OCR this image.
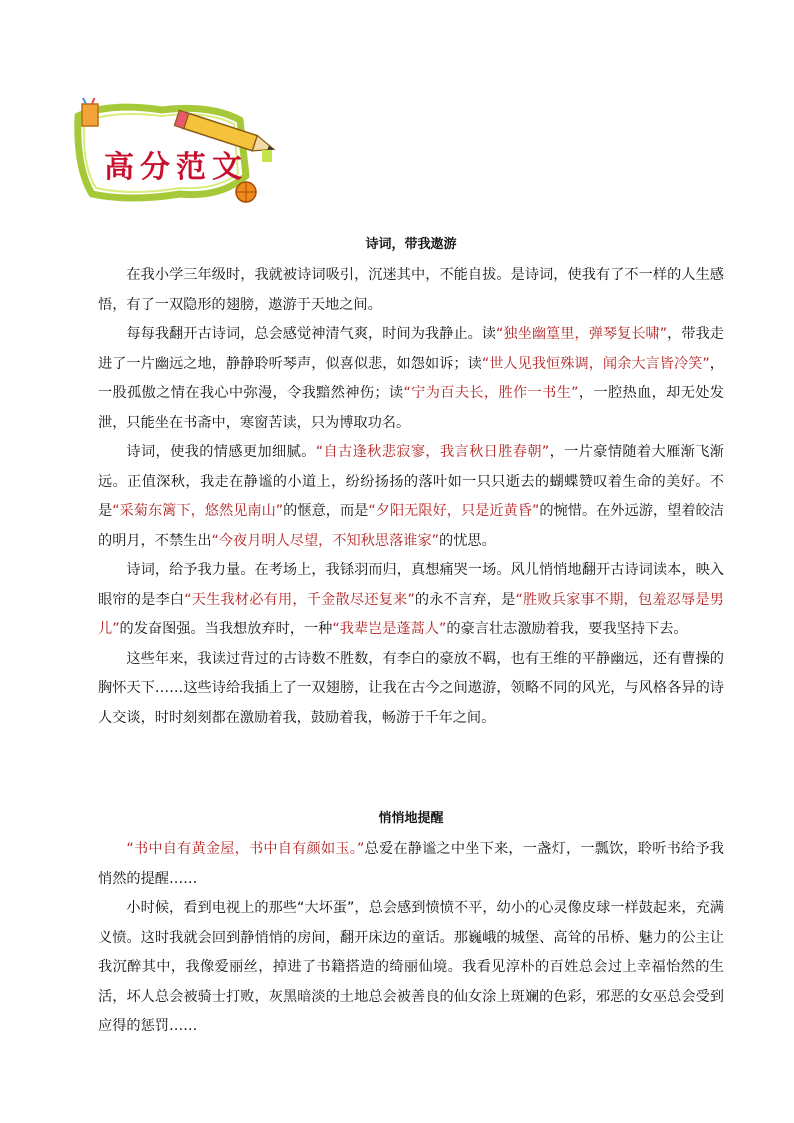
高分范文
诗词，带我遨游

在我小学三年级时，我就被诗词吸引，沉迷其中，不能自拔。是诗词，使我有了不一样的人生感悟，有了一双隐形的翅膀，遨游于天地之间。

每每我翻开古诗词，总会感觉神清气爽，时间为我静止。读“独坐幽篁里，弹琴复长啸”，带我走进了一片幽远之地，静静聆听琴声，似喜似悲，如怨如诉；读“世人见我恒殊调，闻余大言皆冷笑”，一股孤傲之情在我心中弥漫，令我黯然神伤；读“宁为百夫长，胜作一书生”，一腔热血，却无处发泄，只能坐在书斋中，寒窗苦读，只为博取功名。

诗词，使我的情感更加细腻。“自古逢秋悲寂寥，我言秋日胜春朝”，一片豪情随着大雁渐飞渐远。正值深秋，我走在静谧的小道上，纷纷扬扬的落叶如一只只逝去的蝴蝶赞叹着生命的美好。不是“采菊东篱下，悠然见南山”的惬意，而是“夕阳无限好，只是近黄昏”的惋惜。在外远游，望着皎洁的明月，不禁生出“今夜月明人尽望，不知秋思落谁家”的忧思。

诗词，给予我力量。在考场上，我铩羽而归，真想痛哭一场。风儿悄悄地翻开古诗词读本，映入眼帘的是李白“天生我材必有用，千金散尽还复来”的永不言弃，是“胜败兵家事不期，包羞忍辱是男儿”的发奋图强。当我想放弃时，一种“我辈岂是蓬蒿人”的豪言壮志激励着我，要我坚持下去。

这些年来，我读过背过的古诗数不胜数，有李白的豪放不羁，也有王维的平静幽远，还有曹操的胸怀天下……这些诗给我插上了一双翅膀，让我在古今之间遨游，领略不同的风光，与风格各异的诗人交谈，时时刻刻都在激励着我，鼓励着我，畅游于千年之间。

悄悄地提醒

“书中自有黄金屋，书中自有颜如玉。”总爱在静谧之中坐下来，一盏灯，一瓢饮，聆听书给予我悄然的提醒……

小时候，看到电视上的那些“大坏蛋”，总会感到愤愤不平，幼小的心灵像皮球一样鼓起来，充满义愤。这时我就会回到静悄悄的房间，翻开床边的童话。那巍峨的城堡、高耸的吊桥、魅力的公主让我沉醉其中，我像爱丽丝，掉进了书籍搭造的绮丽仙境。我看见淳朴的百姓总会过上幸福怡然的生活，坏人总会被骑士打败，灰黑暗淡的土地总会被善良的仙女涂上斑斓的色彩，邪恶的女巫总会受到应得的惩罚……
